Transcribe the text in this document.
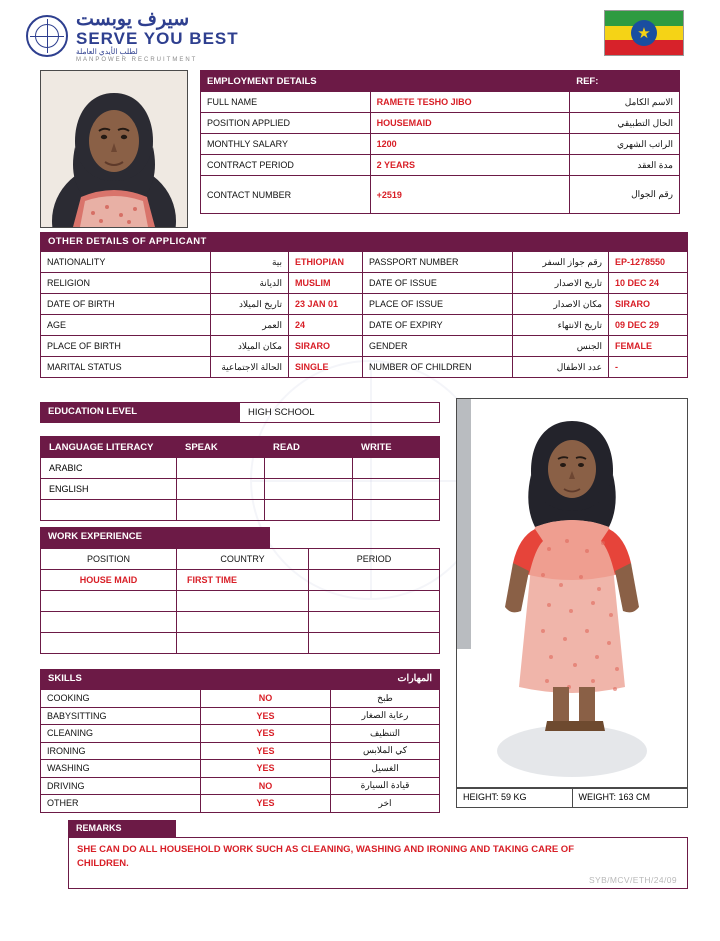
سيرف يوبست
SERVE YOU BEST
لطلب الأيدي العاملة
MANPOWER RECRUITMENT
★
EMPLOYMENT DETAILS		REF:
FULL NAME	RAMETE TESHO JIBO	الاسم الكامل
POSITION APPLIED	HOUSEMAID	الحال التطبيقي
MONTHLY SALARY	1200	الراتب الشهري
CONTRACT PERIOD	2 YEARS	مدة العقد
CONTACT NUMBER	+2519	رقم الجوال
OTHER DETAILS OF APPLICANT

NATIONALITY	بية	ETHIOPIAN	PASSPORT NUMBER	رقم جواز السفر	EP-1278550
RELIGION	الديانة	MUSLIM	DATE OF ISSUE	تاريخ الاصدار	10 DEC 24
DATE OF BIRTH	تاريخ الميلاد	23 JAN 01	PLACE OF ISSUE	مكان الاصدار	SIRARO
AGE	العمر	24	DATE OF EXPIRY	تاريخ الانتهاء	09 DEC 29
PLACE OF BIRTH	مكان الميلاد	SIRARO	GENDER	الجنس	FEMALE
MARITAL STATUS	الحالة الاجتماعية	SINGLE	NUMBER OF CHILDREN	عدد الاطفال	-
EDUCATION LEVEL	HIGH SCHOOL
LANGUAGE LITERACY	SPEAK	READ	WRITE
ARABIC			
ENGLISH			

WORK EXPERIENCE
POSITION	COUNTRY	PERIOD
HOUSE MAID	FIRST TIME	

SKILLS	المهارات
COOKING	NO	طبخ
BABYSITTING	YES	رعاية الصغار
CLEANING	YES	التنظيف
IRONING	YES	كي الملابس
WASHING	YES	الغسيل
DRIVING	NO	قيادة السيارة
OTHER	YES	اخر
HEIGHT: 59 KG	WEIGHT: 163 CM
REMARKS
SHE CAN DO ALL HOUSEHOLD WORK SUCH AS CLEANING, WASHING AND IRONING AND TAKING CARE OF CHILDREN.
SYB/MCV/ETH/24/09
